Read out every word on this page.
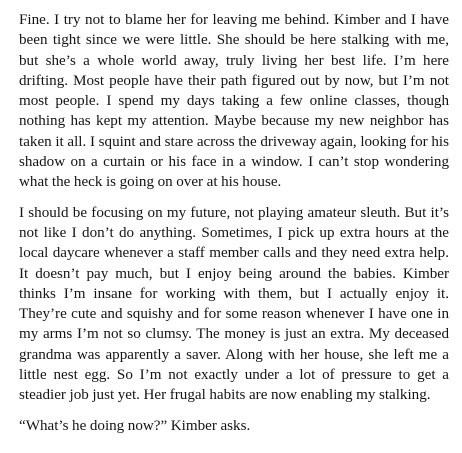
Fine. I try not to blame her for leaving me behind. Kimber and I have been tight since we were little. She should be here stalking with me, but she’s a whole world away, truly living her best life. I’m here drifting. Most people have their path figured out by now, but I’m not most people. I spend my days taking a few online classes, though nothing has kept my attention. Maybe because my new neighbor has taken it all. I squint and stare across the driveway again, looking for his shadow on a curtain or his face in a window. I can’t stop wondering what the heck is going on over at his house.

I should be focusing on my future, not playing amateur sleuth. But it’s not like I don’t do anything. Sometimes, I pick up extra hours at the local daycare whenever a staff member calls and they need extra help. It doesn’t pay much, but I enjoy being around the babies. Kimber thinks I’m insane for working with them, but I actually enjoy it. They’re cute and squishy and for some reason whenever I have one in my arms I’m not so clumsy. The money is just an extra. My deceased grandma was apparently a saver. Along with her house, she left me a little nest egg. So I’m not exactly under a lot of pressure to get a steadier job just yet. Her frugal habits are now enabling my stalking.

“What’s he doing now?” Kimber asks.
